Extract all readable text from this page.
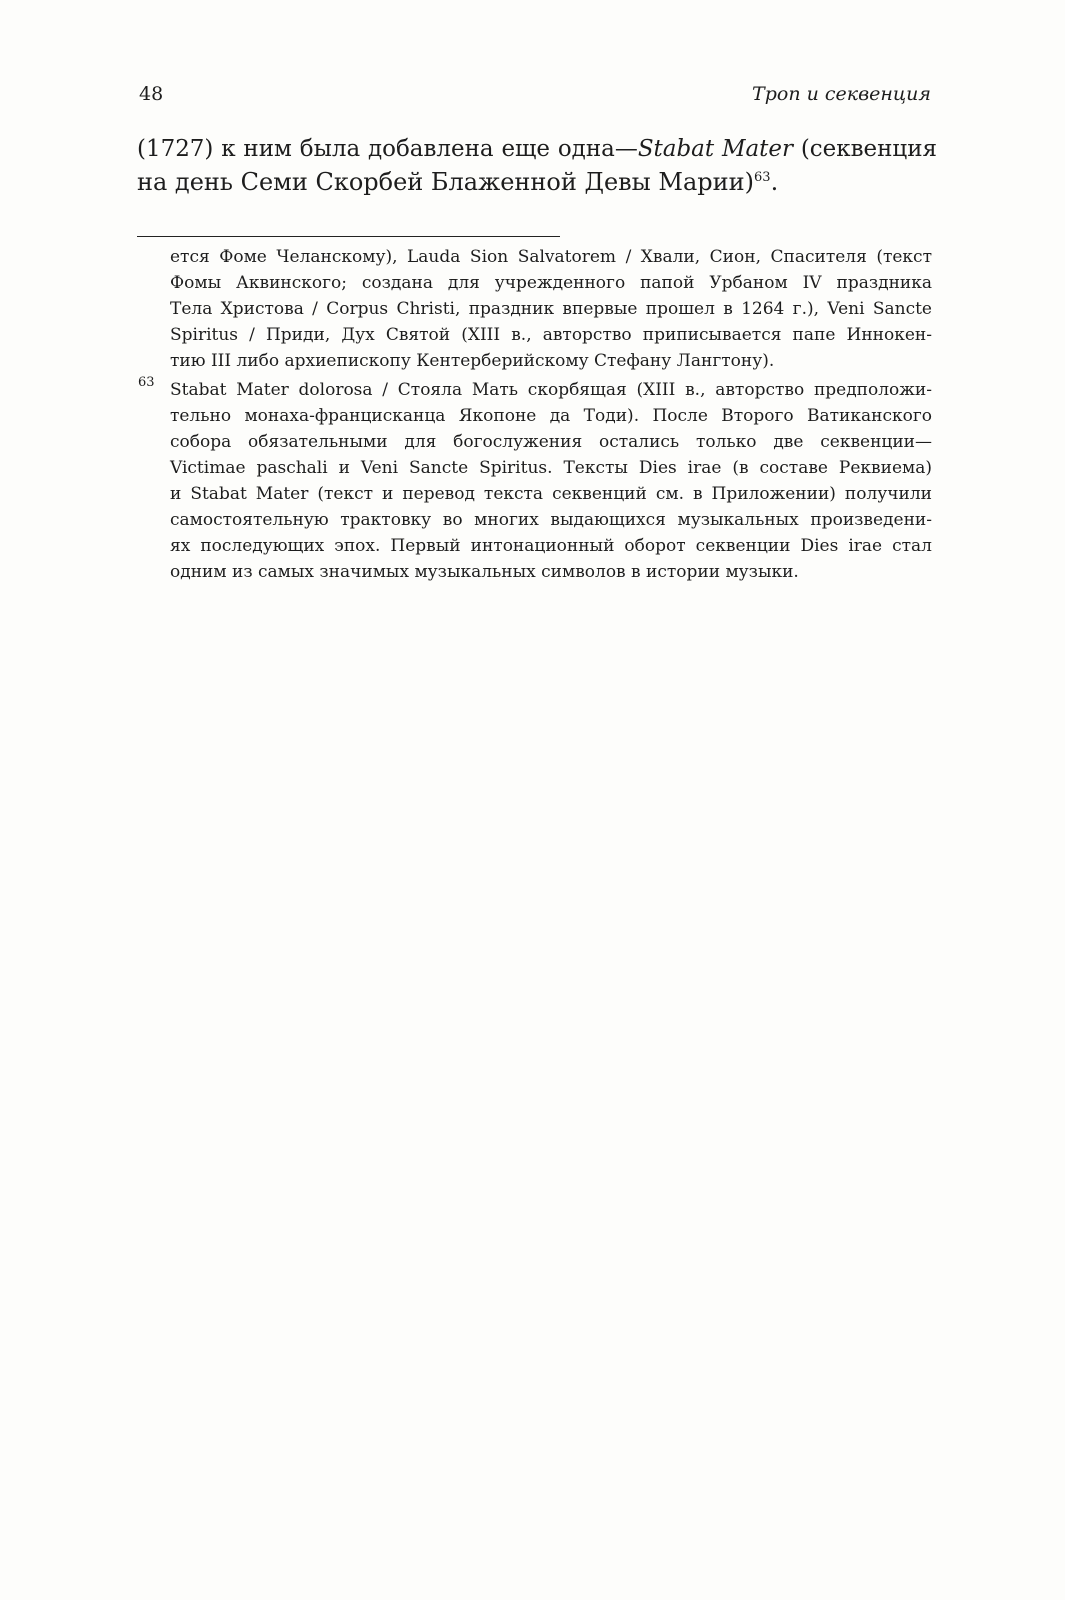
48	Троп и секвенция

(1727) к ним была добавлена еще одна—Stabat Mater (секвенция
на день Семи Скорбей Блаженной Девы Марии)$^{63}$.

ется Фоме Челанскому), Lauda Sion Salvatorem / Хвали, Сион, Спасителя (текст
Фомы Аквинского; создана для учрежденного папой Урбаном IV праздника
Тела Христова / Corpus Christi, праздник впервые прошел в 1264 г.), Veni Sancte
Spiritus / Приди, Дух Святой (XIII в., авторство приписывается папе Иннокен-
тию III либо архиепископу Кентерберийскому Стефану Лангтону).

63 Stabat Mater dolorosa / Стояла Мать скорбящая (XIII в., авторство предположи-
тельно монаха-францисканца Якопоне да Тоди). После Второго Ватиканского
собора обязательными для богослужения остались только две секвенции—
Victimae paschali и Veni Sancte Spiritus. Тексты Dies irae (в составе Реквиема)
и Stabat Mater (текст и перевод текста секвенций см. в Приложении) получили
самостоятельную трактовку во многих выдающихся музыкальных произведени-
ях последующих эпох. Первый интонационный оборот секвенции Dies irae стал
одним из самых значимых музыкальных символов в истории музыки.
